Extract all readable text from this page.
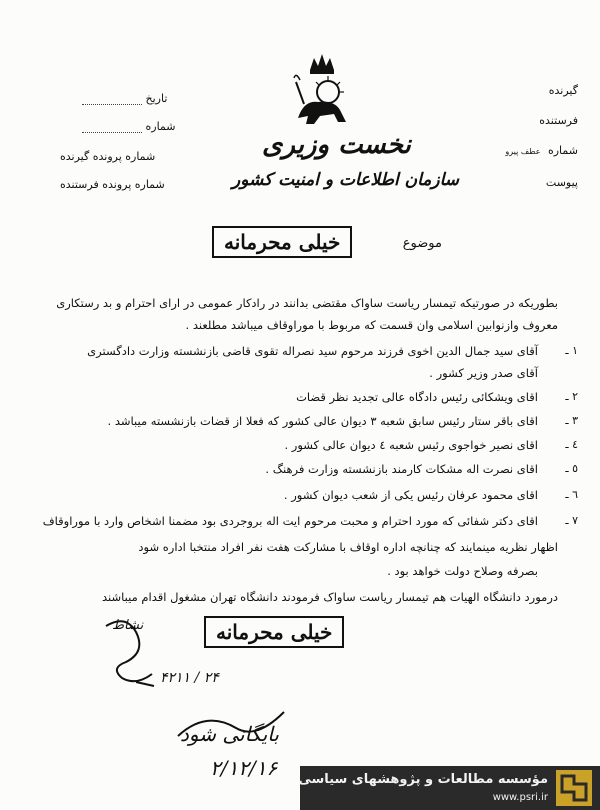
گیرنده
فرستنده
شماره عطف پیرو
پیوست
تاریخ
شماره
شماره پرونده گیرنده
شماره پرونده فرستنده
نخست وزیری
سازمان اطلاعات و امنیت کشور
موضوع
خیلی محرمانه
بطوریکه در صورتیکه تیمسار ریاست ساواک مقتضی بدانند در رادکار عمومی در ارای احترام و بد رستکاری
معروف وازنوابین اسلامی وان قسمت که مربوط با موراوقاف میباشد مطلعند .
١ ـ
آقای سید جمال الدین اخوی فرزند مرحوم سید نصراله تقوی قاضی بازنشسته وزارت دادگستری
آقای صدر وزیر کشور .
٢ ـ
اقای ویشکائی رئیس دادگاه عالی تجدید نظر قضات
٣ ـ
اقای باقر ستار رئیس سابق شعبه ٣ دیوان عالی کشور که فعلا از قضات بازنشسته میباشد .
٤ ـ
اقای نصیر خواجوی رئیس شعبه ٤ دیوان عالی کشور .
٥ ـ
اقای نصرت اله مشکات کارمند بازنشسته وزارت فرهنگ .
٦ ـ
اقای محمود عرفان رئیس یکی از شعب دیوان کشور .
٧ ـ
اقای دکتر شفائی که مورد احترام و محبت مرحوم ایت اله بروجردی بود مضمنا اشخاص وارد با موراوقاف
اظهار نظریه مینمایند که چنانچه اداره اوقاف با مشارکت هفت نفر افراد منتخبا اداره شود
بصرفه وصلاح دولت خواهد بود .
درمورد دانشگاه الهیات هم تیمسار ریاست ساواک فرمودند دانشگاه تهران مشغول اقدام میباشند
نشاط	خیلی محرمانه
۴۲۱۱ / ۲۴
بایگانی شود
۲/۱۲/۱۶ مؤسسه مطالعات و پژوهشهای سیاسی
www.psri.ir
